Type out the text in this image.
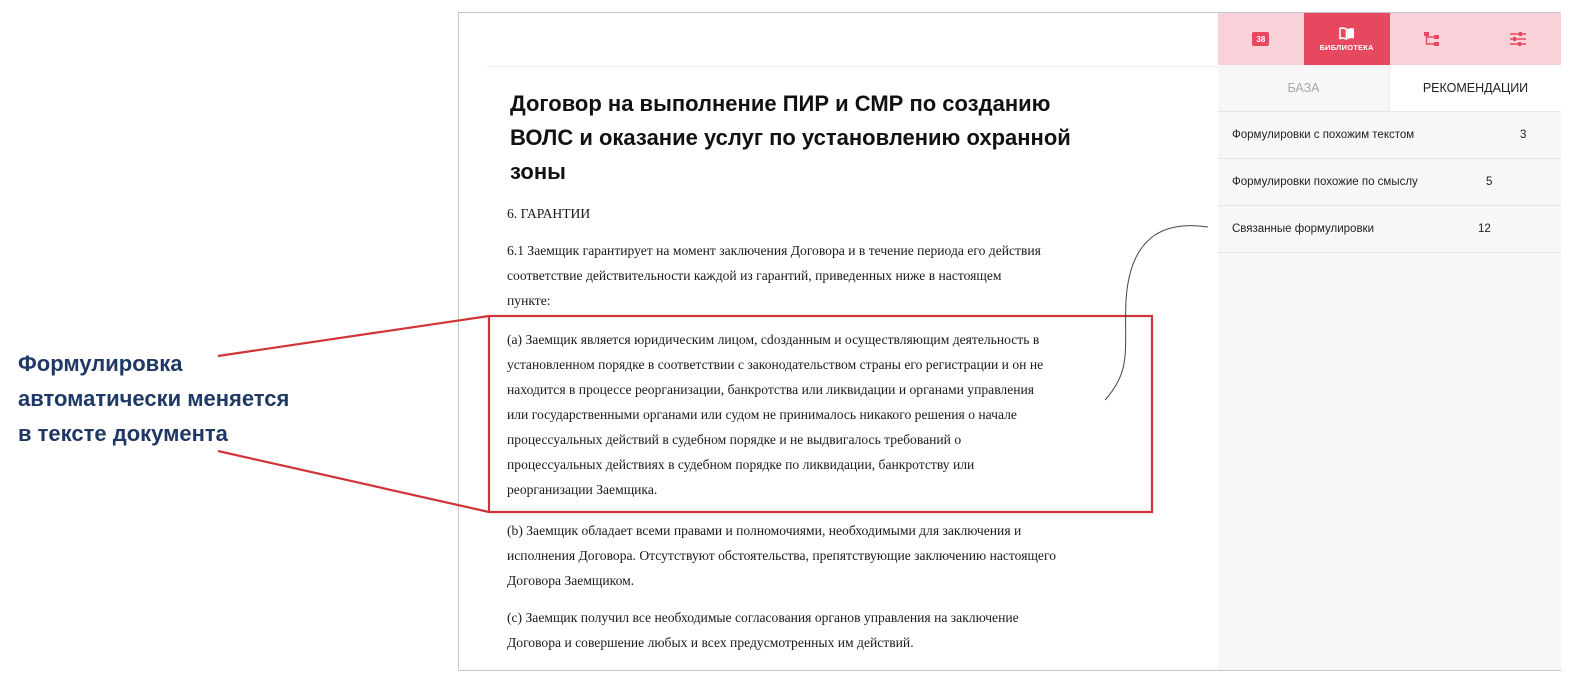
Формулировка
автоматически меняется
в тексте документа
Договор на выполнение ПИР и СМР по созданию
ВОЛС и оказание услуг по установлению охранной
зоны

6. ГАРАНТИИ

6.1 Заемщик гарантирует на момент заключения Договора и в течение периода его действия

соответствие действительности каждой из гарантий, приведенных ниже в настоящем

пункте:

(a) Заемщик является юридическим лицом, cdозданным и осуществляющим деятельность в

установленном порядке в соответствии с законодательством страны его регистрации и он не

находится в процессе реорганизации, банкротства или ликвидации и органами управления

или государственными органами или судом не принималось никакого решения о начале

процессуальных действий в судебном порядке и не выдвигалось требований о

процессуальных действиях в судебном порядке по ликвидации, банкротству или

реорганизации Заемщика.

(b) Заемщик обладает всеми правами и полномочиями, необходимыми для заключения и

исполнения Договора. Отсутствуют обстоятельства, препятствующие заключению настоящего

Договора Заемщиком.

(c) Заемщик получил все необходимые согласования органов управления на заключение

Договора и совершение любых и всех предусмотренных им действий.

38
БИБЛИОТЕКА
БАЗА	РЕКОМЕНДАЦИИ
Формулировки с похожим текстом	3
Формулировки похожие по смыслу	5
Связанные формулировки	12
